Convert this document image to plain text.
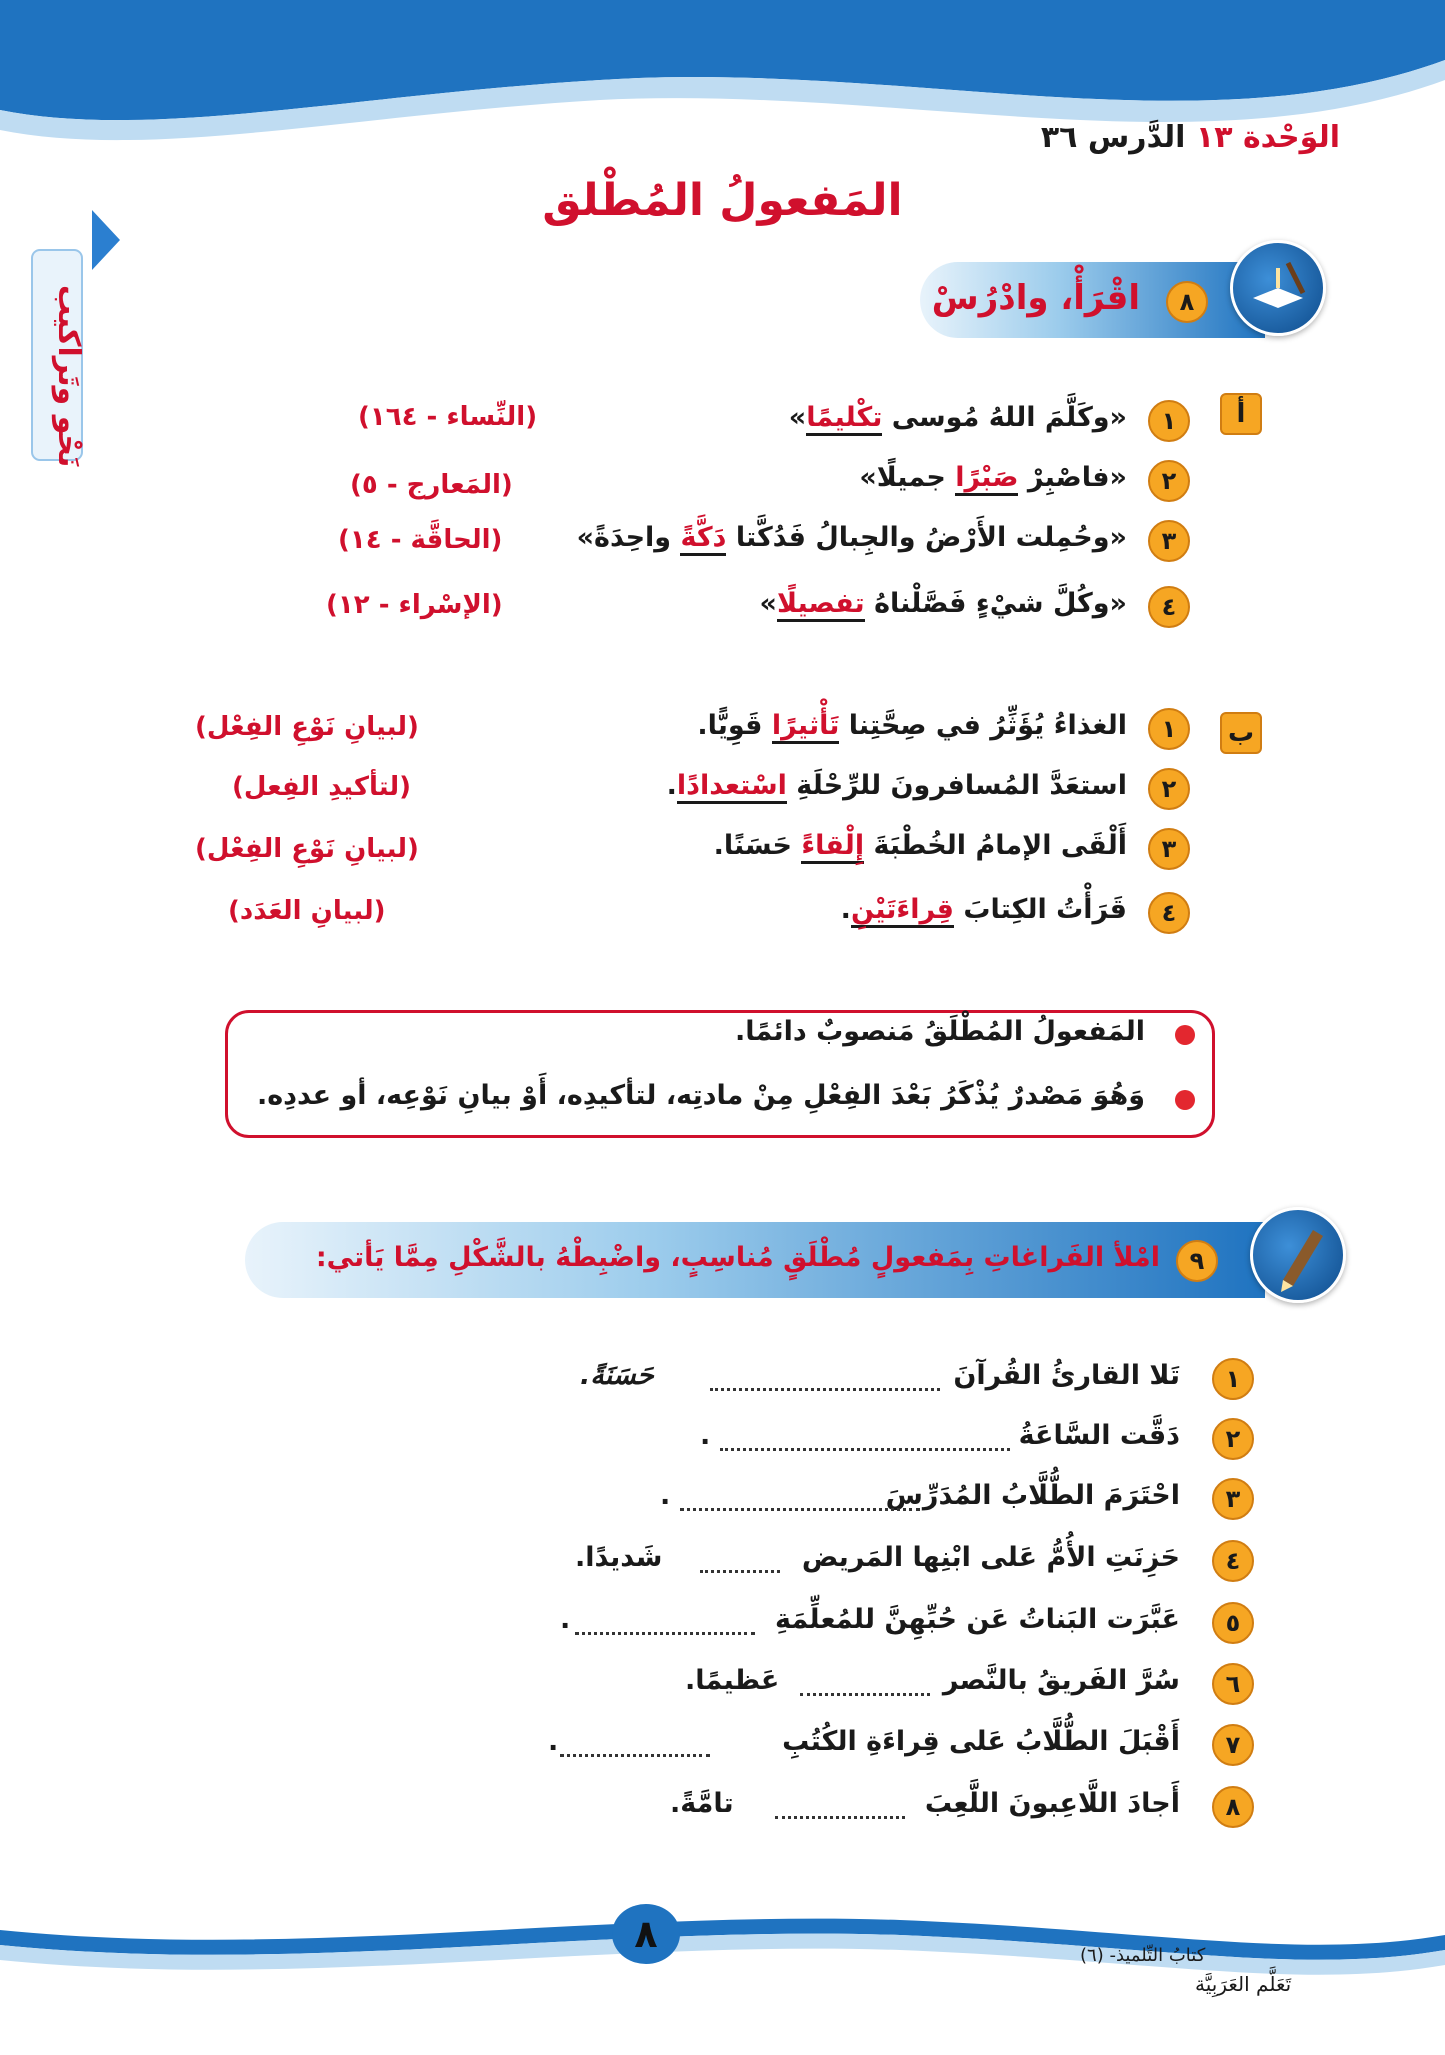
الوَحْدة ١٣ الدَّرس ٣٦
المَفعولُ المُطْلق
نَحْو وتَراكيب	٨
اقْرَأْ، وادْرُسْ
أ
١
«وكَلَّمَ اللهُ مُوسى تكْليمًا»
(النِّساء - ١٦٤)
٢
«فاصْبِرْ صَبْرًا جميلًا»
(المَعارج - ٥)
٣
«وحُمِلت الأَرْضُ والجِبالُ فَدُكَّتا دَكَّةً واحِدَةً»
(الحاقَّة - ١٤)
٤
«وكُلَّ شيْءٍ فَصَّلْناهُ تفصيلًا»
(الإسْراء - ١٢)
ب
١
الغذاءُ يُؤَثِّرُ في صِحَّتِنا تَأْثيرًا قَوِيًّا.
(لبيانِ نَوْعِ الفِعْل)
٢
استعَدَّ المُسافرونَ للرِّحْلَةِ اسْتعدادًا.
(لتأكيدِ الفِعل)
٣
أَلْقَى الإمامُ الخُطْبَةَ إِلْقاءً حَسَنًا.
(لبيانِ نَوْعِ الفِعْل)
٤
قَرَأْتُ الكِتابَ قِراءَتَيْنِ.
(لبيانِ العَدَد)
المَفعولُ المُطْلَقُ مَنصوبٌ دائمًا.
وَهُوَ مَصْدرٌ يُذْكَرُ بَعْدَ الفِعْلِ مِنْ مادتِه، لتأكيدِه، أَوْ بيانِ نَوْعِه، أو عددِه.
٩
امْلأ الفَراغاتِ بِمَفعولٍ مُطْلَقٍ مُناسِبٍ، واضْبِطْهُ بالشَّكْلِ مِمَّا يَأتي:
١
تَلا القارئُ القُرآنَ
حَسَنَةً.
٢
دَقَّت السَّاعَةُ
.
٣
احْتَرَمَ الطُّلَّابُ المُدَرِّسَ
.
٤
حَزِنَتِ الأُمُّ عَلى ابْنِها المَريض
شَديدًا.
٥
عَبَّرَت البَناتُ عَن حُبِّهِنَّ للمُعلِّمَةِ
.
٦
سُرَّ الفَريقُ بالنَّصر
عَظيمًا.
٧
أَقْبَلَ الطُّلَّابُ عَلى قِراءَةِ الكُتُبِ
.
٨
أَجادَ اللَّاعِبونَ اللَّعِبَ
تامَّةً.
٨	كتابُ التِّلميذ- (٦)
تَعَلَّم العَرَبِيَّة
